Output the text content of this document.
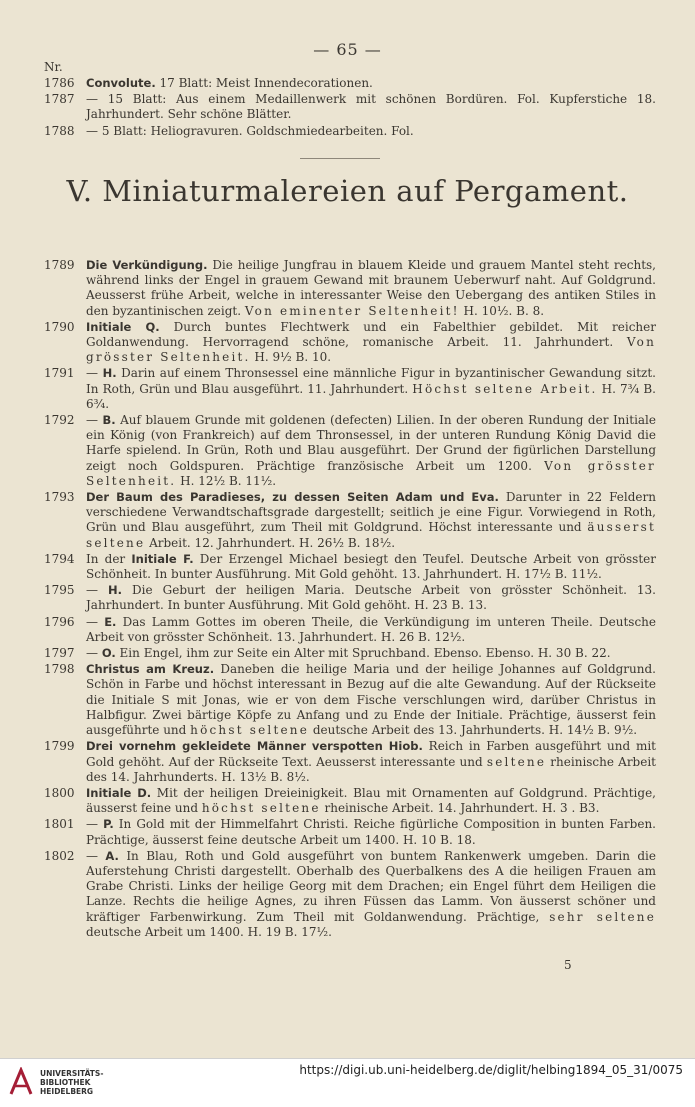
— 65 —
Nr.
1786 Convolute. 17 Blatt: Meist Innendecorationen.
1787 — 15 Blatt: Aus einem Medaillenwerk mit schönen Bordüren. Fol. Kupferstiche 18. Jahrhundert. Sehr schöne Blätter.
1788 — 5 Blatt: Heliogravuren. Goldschmiedearbeiten. Fol.
V. Miniaturmalereien auf Pergament.
1789 Die Verkündigung. Die heilige Jungfrau in blauem Kleide und grauem Mantel steht rechts, während links der Engel in grauem Gewand mit braunem Ueberwurf naht. Auf Goldgrund. Aeusserst frühe Arbeit, welche in interessanter Weise den Uebergang des antiken Stiles in den byzantinischen zeigt. Von eminenter Seltenheit! H. 10½. B. 8.
1790 Initiale Q. Durch buntes Flechtwerk und ein Fabelthier gebildet. Mit reicher Goldanwendung. Hervorragend schöne, romanische Arbeit. 11. Jahrhundert. Von grösster Seltenheit. H. 9½ B. 10.
1791 — H. Darin auf einem Thronsessel eine männliche Figur in byzantinischer Gewandung sitzt. In Roth, Grün und Blau ausgeführt. 11. Jahrhundert. Höchst seltene Arbeit. H. 7¾ B. 6¾.
1792 — B. Auf blauem Grunde mit goldenen (defecten) Lilien. In der oberen Rundung der Initiale ein König (von Frankreich) auf dem Thronsessel, in der unteren Rundung König David die Harfe spielend. In Grün, Roth und Blau ausgeführt. Der Grund der figürlichen Darstellung zeigt noch Goldspuren. Prächtige französische Arbeit um 1200. Von grösster Seltenheit. H. 12½ B. 11½.
1793 Der Baum des Paradieses, zu dessen Seiten Adam und Eva. Darunter in 22 Feldern verschiedene Verwandtschaftsgrade dargestellt; seitlich je eine Figur. Vorwiegend in Roth, Grün und Blau ausgeführt, zum Theil mit Goldgrund. Höchst interessante und äusserst seltene Arbeit. 12. Jahrhundert. H. 26½ B. 18½.
1794 In der Initiale F. Der Erzengel Michael besiegt den Teufel. Deutsche Arbeit von grösster Schönheit. In bunter Ausführung. Mit Gold gehöht. 13. Jahrhundert. H. 17½ B. 11½.
1795 — H. Die Geburt der heiligen Maria. Deutsche Arbeit von grösster Schönheit. 13. Jahrhundert. In bunter Ausführung. Mit Gold gehöht. H. 23 B. 13.
1796 — E. Das Lamm Gottes im oberen Theile, die Verkündigung im unteren Theile. Deutsche Arbeit von grösster Schönheit. 13. Jahrhundert. H. 26 B. 12½.
1797 — O. Ein Engel, ihm zur Seite ein Alter mit Spruchband. Ebenso. Ebenso. H. 30 B. 22.
1798 Christus am Kreuz. Daneben die heilige Maria und der heilige Johannes auf Goldgrund. Schön in Farbe und höchst interessant in Bezug auf die alte Gewandung. Auf der Rückseite die Initiale S mit Jonas, wie er von dem Fische verschlungen wird, darüber Christus in Halbfigur. Zwei bärtige Köpfe zu Anfang und zu Ende der Initiale. Prächtige, äusserst fein ausgeführte und höchst seltene deutsche Arbeit des 13. Jahrhunderts. H. 14½ B. 9½.
1799 Drei vornehm gekleidete Männer verspotten Hiob. Reich in Farben ausgeführt und mit Gold gehöht. Auf der Rückseite Text. Aeusserst interessante und seltene rheinische Arbeit des 14. Jahrhunderts. H. 13½ B. 8½.
1800 Initiale D. Mit der heiligen Dreieinigkeit. Blau mit Ornamenten auf Goldgrund. Prächtige, äusserst feine und höchst seltene rheinische Arbeit. 14. Jahrhundert. H. 3 . B3.
1801 — P. In Gold mit der Himmelfahrt Christi. Reiche figürliche Composition in bunten Farben. Prächtige, äusserst feine deutsche Arbeit um 1400. H. 10 B. 18.
1802 — A. In Blau, Roth und Gold ausgeführt von buntem Rankenwerk umgeben. Darin die Auferstehung Christi dargestellt. Oberhalb des Querbalkens des A die heiligen Frauen am Grabe Christi. Links der heilige Georg mit dem Drachen; ein Engel führt dem Heiligen die Lanze. Rechts die heilige Agnes, zu ihren Füssen das Lamm. Von äusserst schöner und kräftiger Farbenwirkung. Zum Theil mit Goldanwendung. Prächtige, sehr seltene deutsche Arbeit um 1400. H. 19 B. 17½.
5
UNIVERSITÄTS-
BIBLIOTHEK
HEIDELBERG
https://digi.ub.uni-heidelberg.de/diglit/helbing1894_05_31/0075
